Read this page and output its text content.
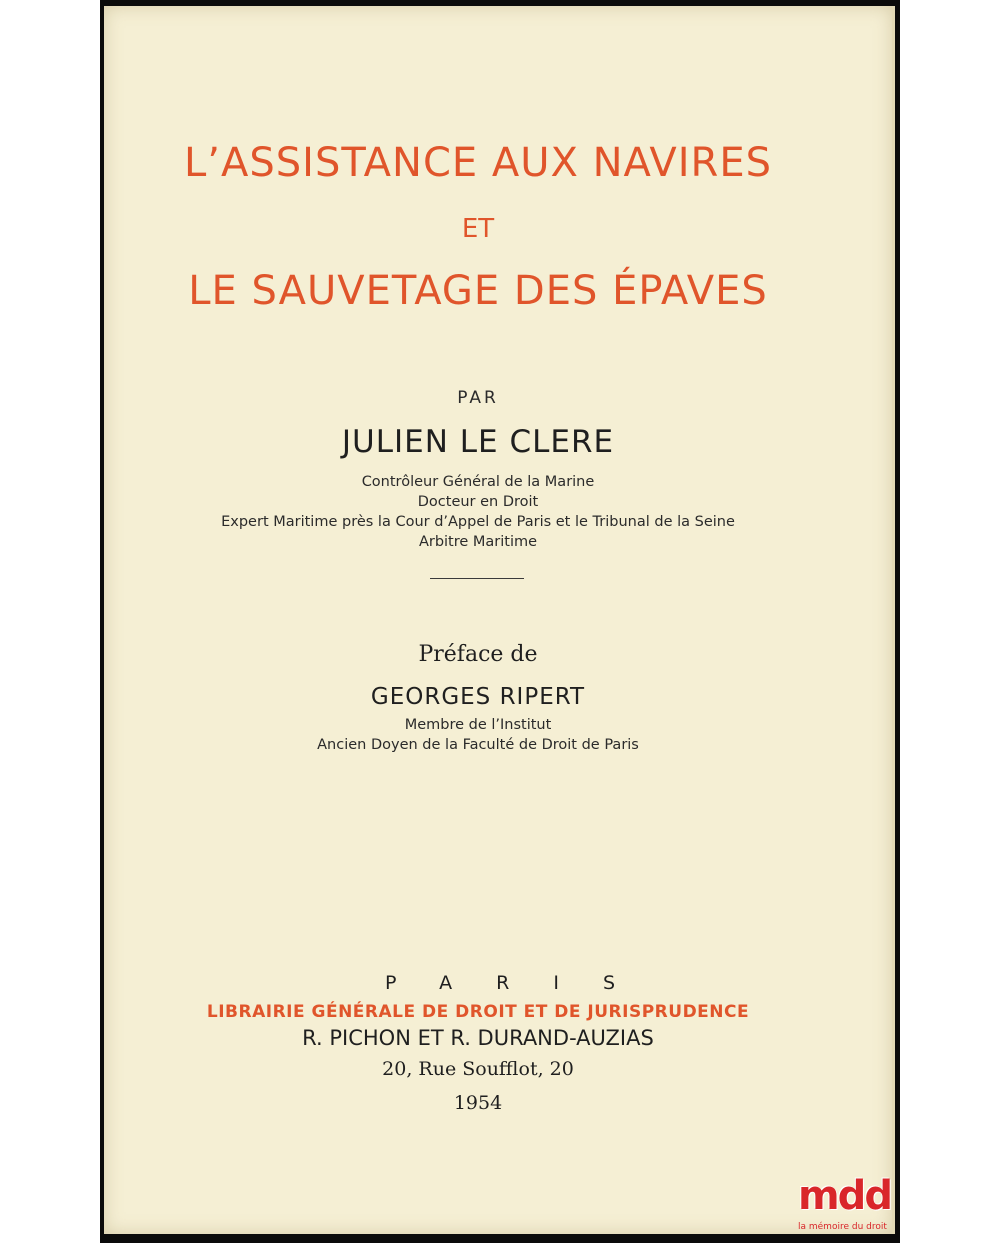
L’ASSISTANCE AUX NAVIRES

ET

LE SAUVETAGE DES ÉPAVES

PAR

JULIEN LE CLERE

Contrôleur Général de la Marine

Docteur en Droit

Expert Maritime près la Cour d’Appel de Paris et le Tribunal de la Seine

Arbitre Maritime

Préface de

GEORGES RIPERT

Membre de l’Institut

Ancien Doyen de la Faculté de Droit de Paris

PARIS

LIBRAIRIE GÉNÉRALE DE DROIT ET DE JURISPRUDENCE

R. PICHON ET R. DURAND-AUZIAS

20, Rue Soufflot, 20

1954

mdd
la mémoire du droit
